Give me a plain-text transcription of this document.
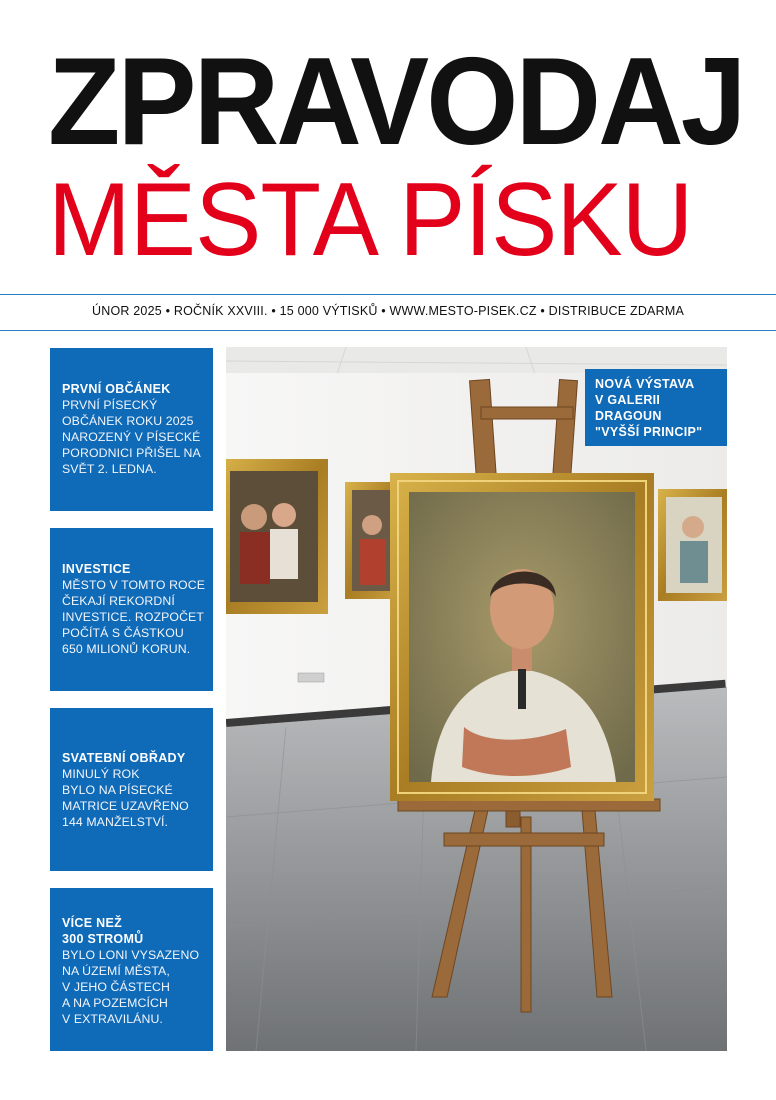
ZPRAVODAJ
MĚSTA PÍSKU
ÚNOR 2025 • ROČNÍK XXVIII. • 15 000 VÝTISKŮ • WWW.MESTO-PISEK.CZ • DISTRIBUCE ZDARMA
PRVNÍ OBČÁNEK
PRVNÍ PÍSECKÝ
OBČÁNEK ROKU 2025
NAROZENÝ V PÍSECKÉ
PORODNICI PŘIŠEL NA
SVĚT 2. LEDNA.
INVESTICE
MĚSTO V TOMTO ROCE
ČEKAJÍ REKORDNÍ
INVESTICE. ROZPOČET
POČÍTÁ S ČÁSTKOU
650 MILIONŮ KORUN.
SVATEBNÍ OBŘADY
MINULÝ ROK
BYLO NA PÍSECKÉ
MATRICE UZAVŘENO
144 MANŽELSTVÍ.
VÍCE NEŽ
300 STROMŮ
BYLO LONI VYSAZENO
NA ÚZEMÍ MĚSTA,
V JEHO ČÁSTECH
A NA POZEMCÍCH
V EXTRAVILÁNU.
NOVÁ VÝSTAVA
V GALERII
DRAGOUN
"VYŠŠÍ PRINCIP"
